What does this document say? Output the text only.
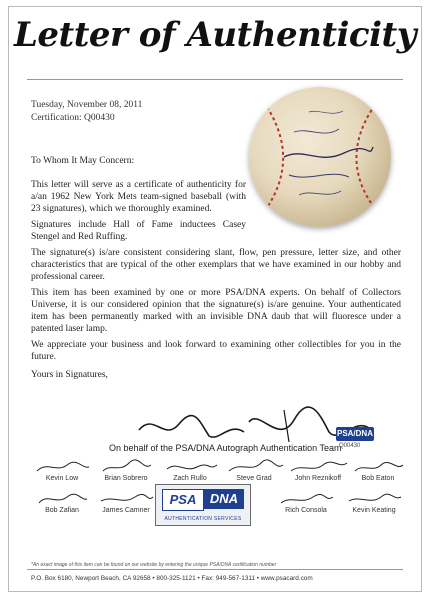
Letter of Authenticity
Tuesday, November 08, 2011
Certification: Q00430
To Whom It May Concern:
This letter will serve as a certificate of authenticity for a/an 1962 New York Mets team-signed baseball (with 23 signatures), which we thoroughly examined.
Signatures include Hall of Fame inductees Casey Stengel and Red Ruffing.
The signature(s) is/are consistent considering slant, flow, pen pressure, letter size, and other characteristics that are typical of the other exemplars that we have examined in our hobby and professional career.
This item has been examined by one or more PSA/DNA experts. On behalf of Collectors Universe, it is our considered opinion that the signature(s) is/are genuine. Your authenticated item has been permanently marked with an invisible DNA daub that will fluoresce under a patented laser lamp.
We appreciate your business and look forward to examining other collectibles for you in the future.
Yours in Signatures,
On behalf of the PSA/DNA Autograph Authentication Team
PSA/DNA
Q00430
Kevin Low	Brian Sobrero	Zach Rullo	Steve Grad	John Reznikoff	Bob Eaton
Bob Zafian	James Camner
PSA	DNA
AUTHENTICATION SERVICES
Rich Consola	Kevin Keating
*An exact image of this item can be found on our website by entering the unique PSA/DNA certification number
P.O. Box 6180, Newport Beach, CA 92658 • 800-325-1121 • Fax: 949-567-1311 • www.psacard.com
